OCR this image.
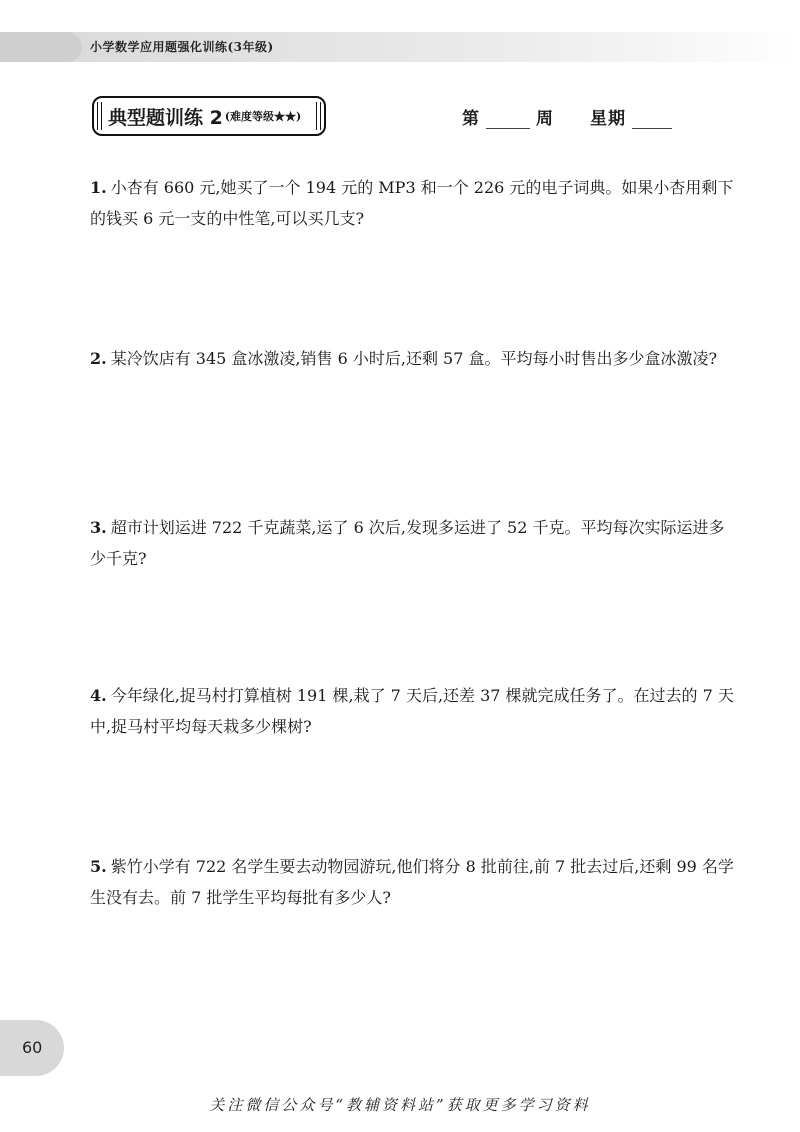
小学数学应用题强化训练(3年级)
典型题训练 2 (难度等级★★)	第	周 星期
1. 小杏有 660 元,她买了一个 194 元的 MP3 和一个 226 元的电子词典。如果小杏用剩下的钱买 6 元一支的中性笔,可以买几支?
2. 某冷饮店有 345 盒冰激凌,销售 6 小时后,还剩 57 盒。平均每小时售出多少盒冰激凌?
3. 超市计划运进 722 千克蔬菜,运了 6 次后,发现多运进了 52 千克。平均每次实际运进多少千克?
4. 今年绿化,捉马村打算植树 191 棵,栽了 7 天后,还差 37 棵就完成任务了。在过去的 7 天中,捉马村平均每天栽多少棵树?
5. 紫竹小学有 722 名学生要去动物园游玩,他们将分 8 批前往,前 7 批去过后,还剩 99 名学生没有去。前 7 批学生平均每批有多少人?
60
关注微信公众号“教辅资料站”获取更多学习资料
